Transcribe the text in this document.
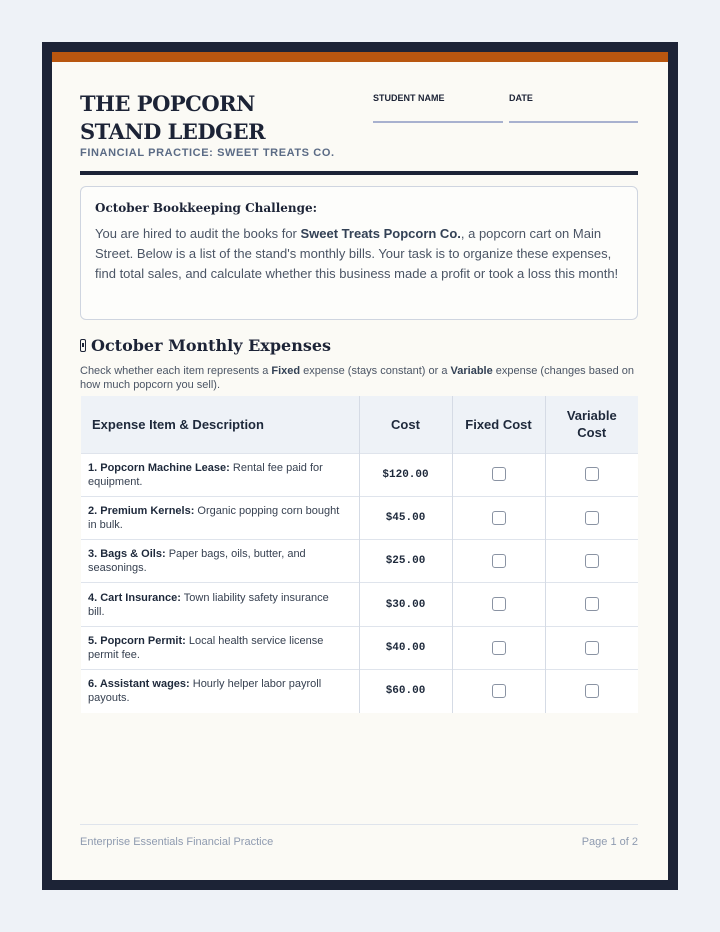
THE POPCORN STAND LEDGER
FINANCIAL PRACTICE: SWEET TREATS CO.
STUDENT NAME	DATE
October Bookkeeping Challenge:
You are hired to audit the books for Sweet Treats Popcorn Co., a popcorn cart on Main Street. Below is a list of the stand's monthly bills. Your task is to organize these expenses, find total sales, and calculate whether this business made a profit or took a loss this month!
October Monthly Expenses
Check whether each item represents a Fixed expense (stays constant) or a Variable expense (changes based on how much popcorn you sell).
Expense Item & Description	Cost	Fixed Cost	Variable Cost
1. Popcorn Machine Lease: Rental fee paid for equipment.	$120.00		
2. Premium Kernels: Organic popping corn bought in bulk.	$45.00		
3. Bags & Oils: Paper bags, oils, butter, and seasonings.	$25.00		
4. Cart Insurance: Town liability safety insurance bill.	$30.00		
5. Popcorn Permit: Local health service license permit fee.	$40.00		
6. Assistant wages: Hourly helper labor payroll payouts.	$60.00		
Enterprise Essentials Financial Practice	Page 1 of 2
